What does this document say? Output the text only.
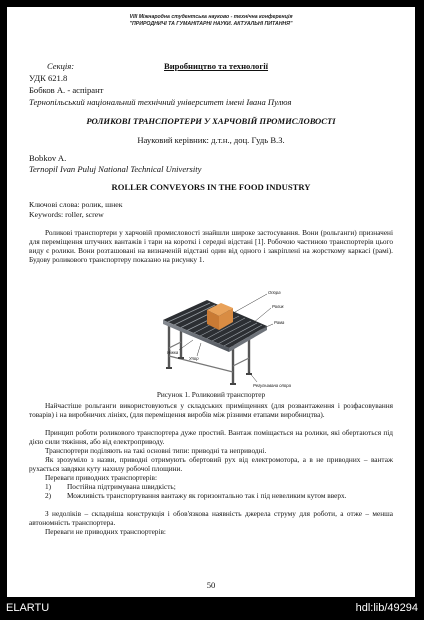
VIII Міжнародна студентська науково - технічна конференція
"ПРИРОДНИЧІ ТА ГУМАНІТАРНІ НАУКИ. АКТУАЛЬНІ ПИТАННЯ"
Секція:	Виробництво та технології
УДК 621.8
Бобков А. - аспірант
Тернопільський національний технічний університет імені Івана Пулюя
РОЛИКОВІ ТРАНСПОРТЕРИ У ХАРЧОВІЙ ПРОМИСЛОВОСТІ
Науковий керівник: д.т.н., доц. Гудь В.З.
Bobkov A.
Ternopil Ivan Puluj National Technical University
ROLLER CONVEYORS IN THE FOOD INDUSTRY
Ключові слова: ролик, шнек
Keywords: roller, screw
Роликові транспортери у харчовій промисловості знайшли широке застосування. Вони (рольганги) призначені для переміщення штучних вантажів і тари на короткі і середні відстані [1]. Робочою частиною транспортерів цього виду є ролики. Вони розташовані на визначеній відстані один від одного і закріплені на жорсткому каркасі (рамі). Будову роликового транспортеру показано на рисунку 1.
Опора
Ролик
Рама
Упор
Ніжка
Регульована опора
Рисунок 1. Роликовий транспортер
Найчастіше рольганги використовуються у складських приміщеннях (для розвантаження і розфасовування товарів) і на виробничих лініях, (для переміщення виробів між різними етапами виробництва).
Принцип роботи роликового транспортера дуже простий. Вантаж поміщається на ролики, які обертаються під дією сили тяжіння, або від електроприводу.
Транспортери поділяють на такі основні типи: приводні та неприводні.
Як зрозуміло з назви, приводні отримують обертовий рух від електромотора, а в не приводних – вантаж рухається завдяки куту нахилу робочої площини.
Переваги приводних транспортерів:
1) Постійна підтримувана швидкість;
2) Можливість транспортування вантажу як горизонтально так і під невеликим кутом вверх.
З недоліків – складніша конструкція і обов'язкова наявність джерела струму для роботи, а отже – менша автономність транспортера.
Переваги не приводних транспортерів:
50
ELARTU	hdl:lib/49294
